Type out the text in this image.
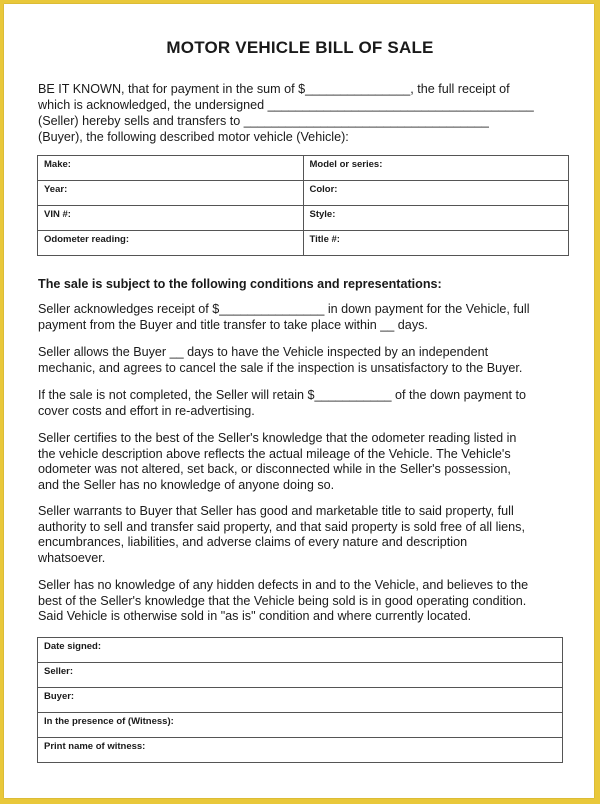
MOTOR VEHICLE BILL OF SALE
BE IT KNOWN, that for payment in the sum of $_______________, the full receipt of
which is acknowledged, the undersigned ______________________________________
(Seller) hereby sells and transfers to ___________________________________
(Buyer), the following described motor vehicle (Vehicle):
Make:	Model or series:
Year:	Color:
VIN #:	Style:
Odometer reading:	Title #:
The sale is subject to the following conditions and representations:
Seller acknowledges receipt of $_______________ in down payment for the Vehicle, full
payment from the Buyer and title transfer to take place within __ days.
Seller allows the Buyer __ days to have the Vehicle inspected by an independent
mechanic, and agrees to cancel the sale if the inspection is unsatisfactory to the Buyer.
If the sale is not completed, the Seller will retain $___________ of the down payment to
cover costs and effort in re-advertising.
Seller certifies to the best of the Seller's knowledge that the odometer reading listed in
the vehicle description above reflects the actual mileage of the Vehicle. The Vehicle's
odometer was not altered, set back, or disconnected while in the Seller's possession,
and the Seller has no knowledge of anyone doing so.
Seller warrants to Buyer that Seller has good and marketable title to said property, full
authority to sell and transfer said property, and that said property is sold free of all liens,
encumbrances, liabilities, and adverse claims of every nature and description
whatsoever.
Seller has no knowledge of any hidden defects in and to the Vehicle, and believes to the
best of the Seller's knowledge that the Vehicle being sold is in good operating condition.
Said Vehicle is otherwise sold in "as is" condition and where currently located.
Date signed:
Seller:
Buyer:
In the presence of (Witness):
Print name of witness:
